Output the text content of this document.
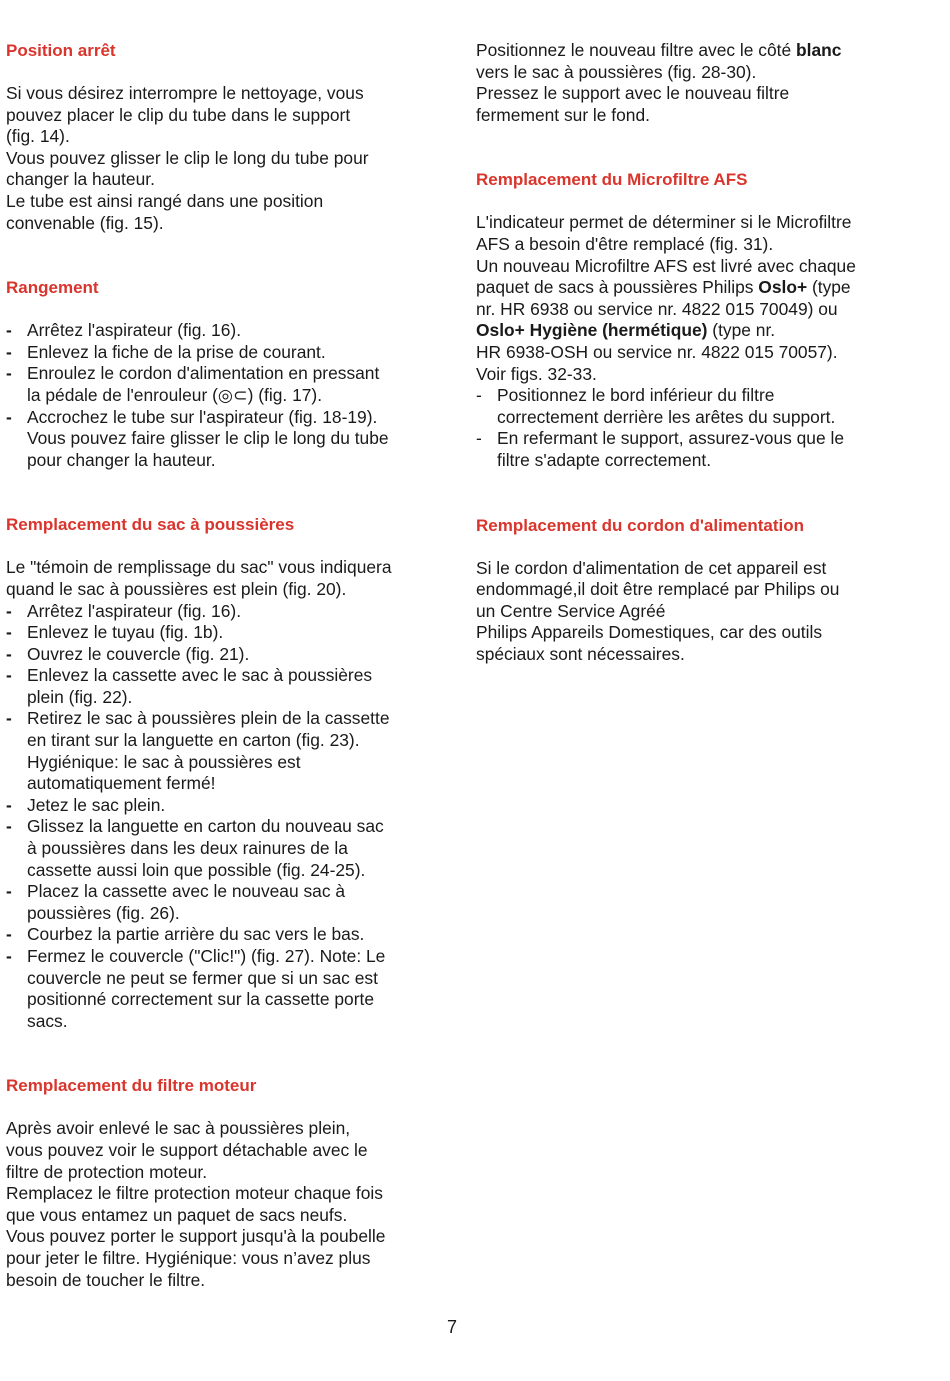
Position arrêt

Si vous désirez interrompre le nettoyage, vous
pouvez placer le clip du tube dans le support
(fig. 14).
Vous pouvez glisser le clip le long du tube pour
changer la hauteur.
Le tube est ainsi rangé dans une position
convenable (fig. 15).

Rangement
- Arrêtez l'aspirateur (fig. 16).
- Enlevez la fiche de la prise de courant.
- Enroulez le cordon d'alimentation en pressant
la pédale de l'enrouleur (◎⊂) (fig. 17).
- Accrochez le tube sur l'aspirateur (fig. 18-19).
Vous pouvez faire glisser le clip le long du tube
pour changer la hauteur.
Remplacement du sac à poussières

Le "témoin de remplissage du sac" vous indiquera
quand le sac à poussières est plein (fig. 20).

- Arrêtez l'aspirateur (fig. 16).
- Enlevez le tuyau (fig. 1b).
- Ouvrez le couvercle (fig. 21).
- Enlevez la cassette avec le sac à poussières
plein (fig. 22).
- Retirez le sac à poussières plein de la cassette
en tirant sur la languette en carton (fig. 23).
Hygiénique: le sac à poussières est
automatiquement fermé!
- Jetez le sac plein.
- Glissez la languette en carton du nouveau sac
à poussières dans les deux rainures de la
cassette aussi loin que possible (fig. 24-25).
- Placez la cassette avec le nouveau sac à
poussières (fig. 26).
- Courbez la partie arrière du sac vers le bas.
- Fermez le couvercle ("Clic!") (fig. 27). Note: Le
couvercle ne peut se fermer que si un sac est
positionné correctement sur la cassette porte
sacs.
Remplacement du filtre moteur

Après avoir enlevé le sac à poussières plein,
vous pouvez voir le support détachable avec le
filtre de protection moteur.
Remplacez le filtre protection moteur chaque fois
que vous entamez un paquet de sacs neufs.
Vous pouvez porter le support jusqu'à la poubelle
pour jeter le filtre. Hygiénique: vous n’avez plus
besoin de toucher le filtre.

Positionnez le nouveau filtre avec le côté blanc
vers le sac à poussières (fig. 28-30).
Pressez le support avec le nouveau filtre
fermement sur le fond.

Remplacement du Microfiltre AFS

L'indicateur permet de déterminer si le Microfiltre
AFS a besoin d'être remplacé (fig. 31).
Un nouveau Microfiltre AFS est livré avec chaque
paquet de sacs à poussières Philips Oslo+ (type
nr. HR 6938 ou service nr. 4822 015 70049) ou
Oslo+ Hygiène (hermétique) (type nr.
HR 6938-OSH ou service nr. 4822 015 70057).
Voir figs. 32-33.

- Positionnez le bord inférieur du filtre
correctement derrière les arêtes du support.
- En refermant le support, assurez-vous que le
filtre s'adapte correctement.
Remplacement du cordon d'alimentation

Si le cordon d'alimentation de cet appareil est
endommagé,il doit être remplacé par Philips ou
un Centre Service Agréé
Philips Appareils Domestiques, car des outils
spéciaux sont nécessaires.

7
